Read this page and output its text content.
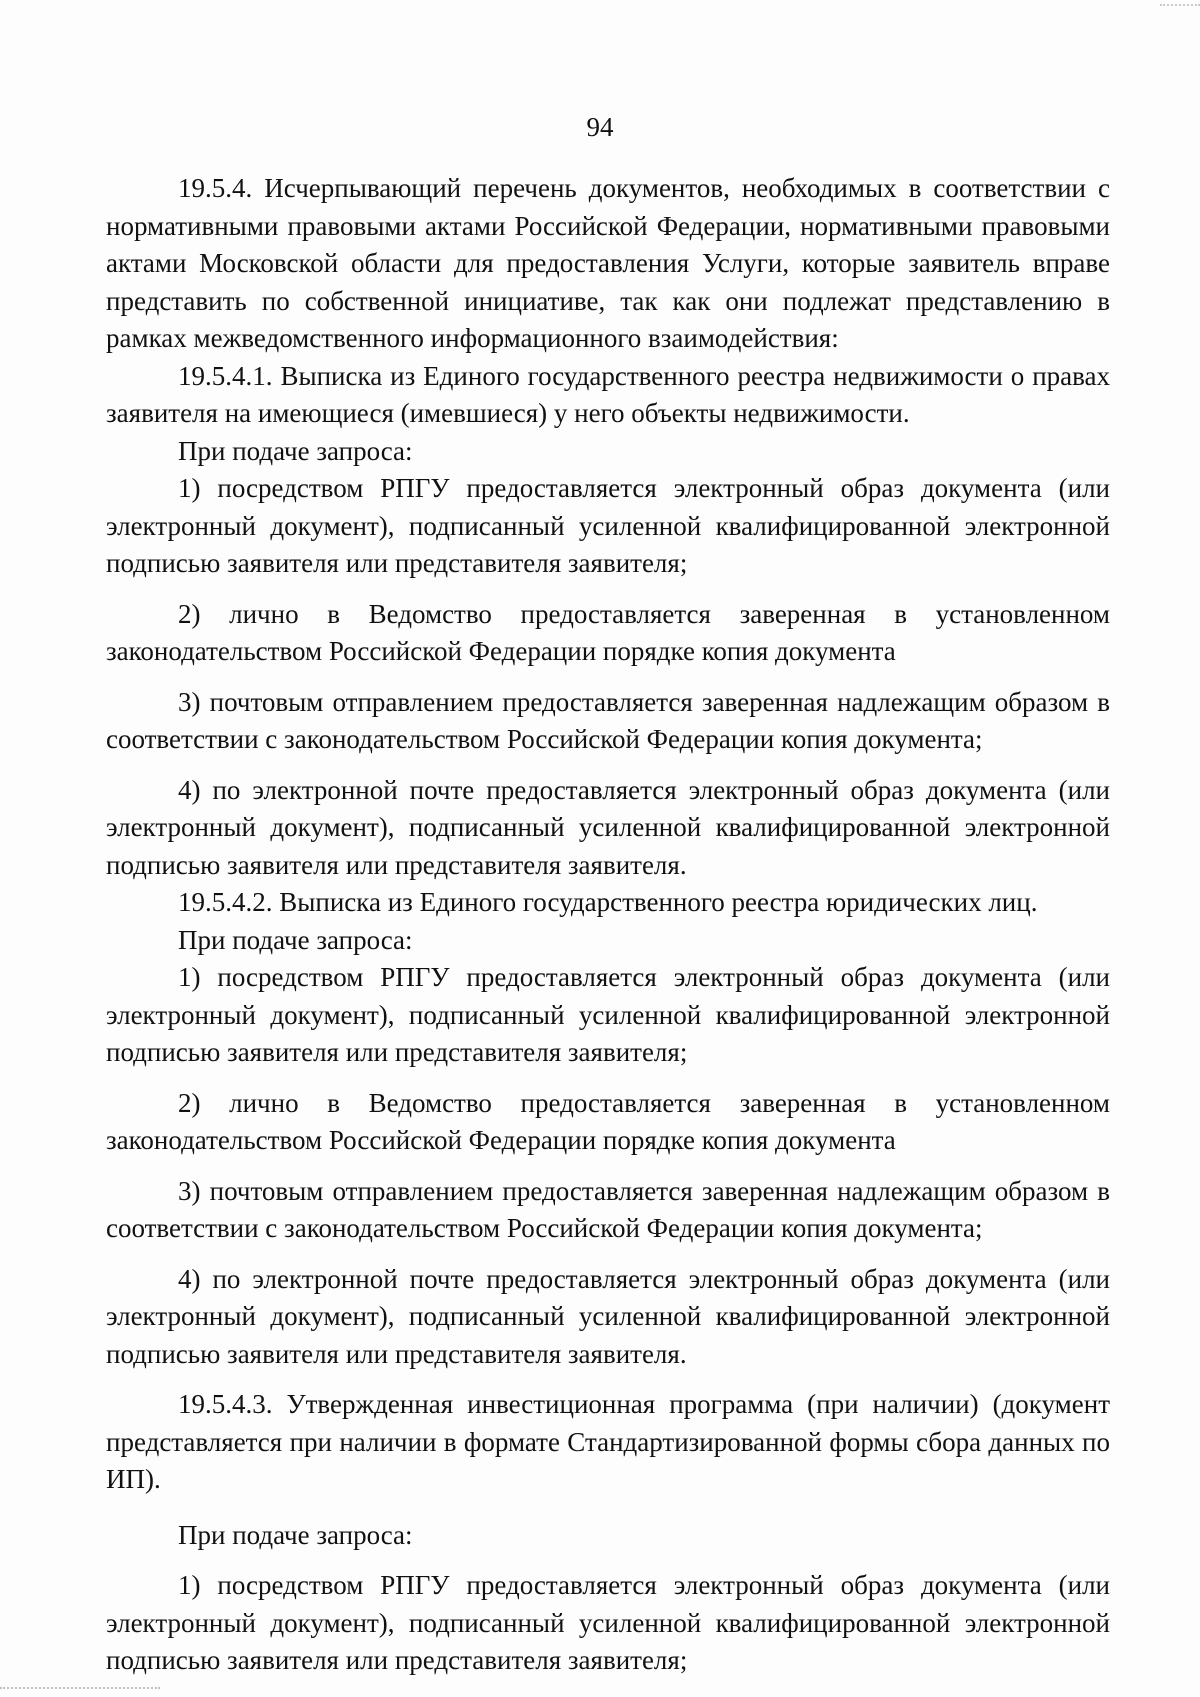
94

19.5.4. Исчерпывающий перечень документов, необходимых в соответствии с нормативными правовыми актами Российской Федерации, нормативными правовыми актами Московской области для предоставления Услуги, которые заявитель вправе представить по собственной инициативе, так как они подлежат представлению в рамках межведомственного информационного взаимодействия:

19.5.4.1. Выписка из Единого государственного реестра недвижимости о правах заявителя на имеющиеся (имевшиеся) у него объекты недвижимости.

При подаче запроса:

1) посредством РПГУ предоставляется электронный образ документа (или электронный документ), подписанный усиленной квалифицированной электронной подписью заявителя или представителя заявителя;

2) лично в Ведомство предоставляется заверенная в установленном законодательством Российской Федерации порядке копия документа

3) почтовым отправлением предоставляется заверенная надлежащим образом в соответствии с законодательством Российской Федерации копия документа;

4) по электронной почте предоставляется электронный образ документа (или электронный документ), подписанный усиленной квалифицированной электронной подписью заявителя или представителя заявителя.

19.5.4.2. Выписка из Единого государственного реестра юридических лиц.

При подаче запроса:

1) посредством РПГУ предоставляется электронный образ документа (или электронный документ), подписанный усиленной квалифицированной электронной подписью заявителя или представителя заявителя;

2) лично в Ведомство предоставляется заверенная в установленном законодательством Российской Федерации порядке копия документа

3) почтовым отправлением предоставляется заверенная надлежащим образом в соответствии с законодательством Российской Федерации копия документа;

4) по электронной почте предоставляется электронный образ документа (или электронный документ), подписанный усиленной квалифицированной электронной подписью заявителя или представителя заявителя.

19.5.4.3. Утвержденная инвестиционная программа (при наличии) (документ представляется при наличии в формате Стандартизированной формы сбора данных по ИП).

При подаче запроса:

1) посредством РПГУ предоставляется электронный образ документа (или электронный документ), подписанный усиленной квалифицированной электронной подписью заявителя или представителя заявителя;
